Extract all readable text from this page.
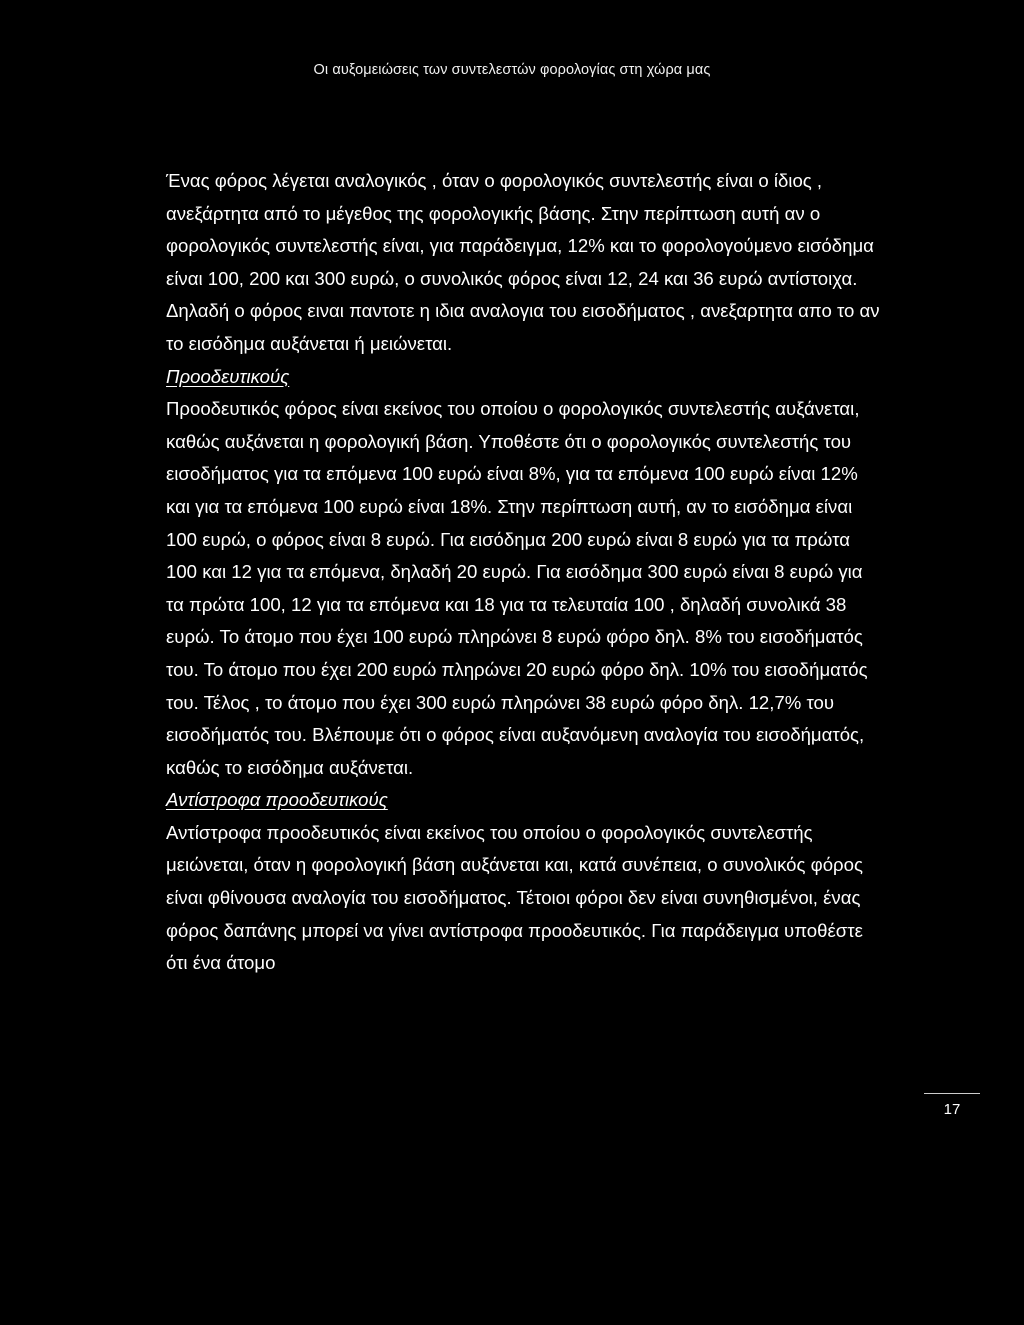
Οι αυξομειώσεις των συντελεστών φορολογίας στη χώρα μας

Ένας φόρος λέγεται αναλογικός , όταν ο φορολογικός συντελεστής είναι ο ίδιος , ανεξάρτητα από το μέγεθος της φορολογικής βάσης. Στην περίπτωση αυτή αν ο φορολογικός συντελεστής είναι, για παράδειγμα, 12% και το φορολογούμενο εισόδημα είναι 100, 200 και 300 ευρώ, ο συνολικός φόρος είναι 12, 24 και 36 ευρώ αντίστοιχα. Δηλαδή ο φόρος ειναι παντοτε η ιδια αναλογια του εισοδήματος , ανεξαρτητα απο το αν το εισόδημα αυξάνεται ή μειώνεται.

Προοδευτικούς

Προοδευτικός φόρος είναι εκείνος του οποίου ο φορολογικός συντελεστής αυξάνεται, καθώς αυξάνεται η φορολογική βάση. Υποθέστε ότι ο φορολογικός συντελεστής του εισοδήματος για τα επόμενα 100 ευρώ είναι 8%, για τα επόμενα 100 ευρώ είναι 12% και για τα επόμενα 100 ευρώ είναι 18%. Στην περίπτωση αυτή, αν το εισόδημα είναι 100 ευρώ, ο φόρος είναι 8 ευρώ. Για εισόδημα 200 ευρώ είναι 8 ευρώ για τα πρώτα 100 και 12 για τα επόμενα, δηλαδή 20 ευρώ. Για εισόδημα 300 ευρώ είναι 8 ευρώ για τα πρώτα 100, 12 για τα επόμενα και 18 για τα τελευταία 100 , δηλαδή συνολικά 38 ευρώ. Το άτομο που έχει 100 ευρώ πληρώνει 8 ευρώ φόρο δηλ. 8% του εισοδήματός του. Το άτομο που έχει 200 ευρώ πληρώνει 20 ευρώ φόρο δηλ. 10% του εισοδήματός του. Τέλος , το άτομο που έχει 300 ευρώ πληρώνει 38 ευρώ φόρο δηλ. 12,7% του εισοδήματός του. Βλέπουμε ότι ο φόρος είναι αυξανόμενη αναλογία του εισοδήματός, καθώς το εισόδημα αυξάνεται.

Αντίστροφα προοδευτικούς

Αντίστροφα προοδευτικός είναι εκείνος του οποίου ο φορολογικός συντελεστής μειώνεται, όταν η φορολογική βάση αυξάνεται και, κατά συνέπεια, ο συνολικός φόρος είναι φθίνουσα αναλογία του εισοδήματος. Τέτοιοι φόροι δεν είναι συνηθισμένοι, ένας φόρος δαπάνης μπορεί να γίνει αντίστροφα προοδευτικός. Για παράδειγμα υποθέστε ότι ένα άτομο

17
